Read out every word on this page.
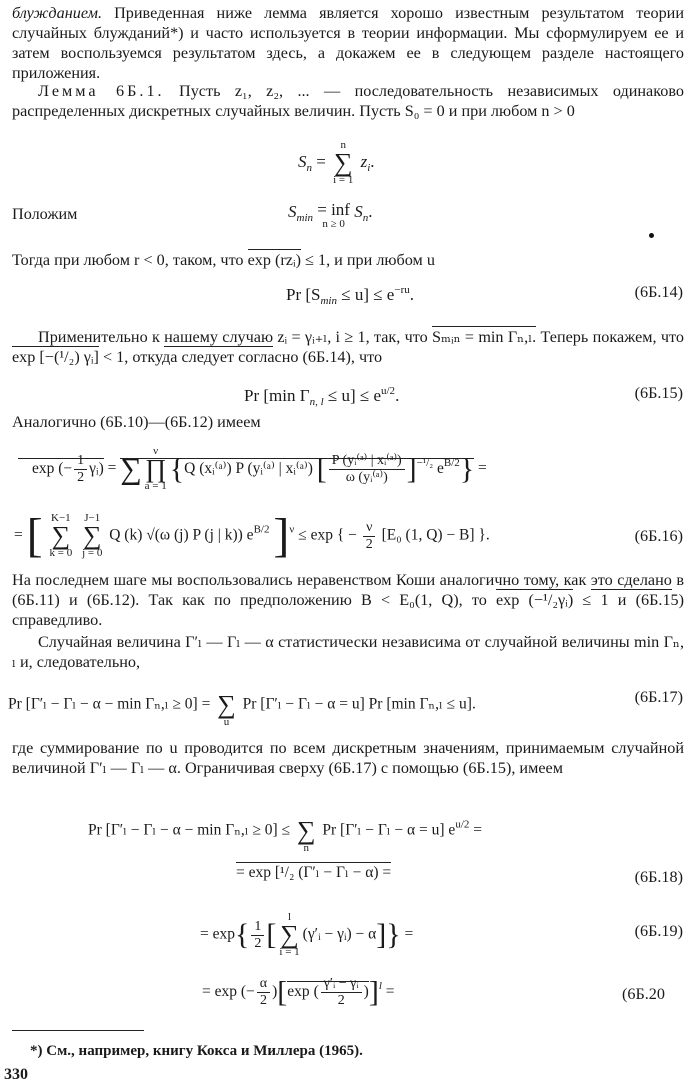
блужданием. Приведенная ниже лемма является хорошо известным результатом теории случайных блужданий*) и часто используется в теории информации. Мы сформулируем ее и затем воспользуемся результатом здесь, а докажем ее в следующем разделе настоящего приложения.

Лемма 6Б.1. Пусть z₁, z₂, ... — последовательность независимых одинаково распределенных дискретных случайных величин. Пусть S₀ = 0 и при любом n > 0

$S_n$ =
n
∑
i = 1
$z_i$.
Положим	$S_{min}$ = inf
n ≥ 0
$S_n$.

Тогда при любом r < 0, таком, что exp (rzᵢ) ≤ 1, и при любом u

Pr $[S_{min} \le u] \le e^{-ru}$.	(6Б.14)

Применительно к нашему случаю zᵢ = γᵢ₊ₗ, i ≥ 1, так, что Sₘᵢₙ = min Γₙ,ₗ. Теперь покажем, что exp [−(¹/₂) γᵢ] < 1, откуда следует согласно (6Б.14), что

Pr [min $\Gamma_{n, l} \le u] \le e^{u/2}$.	(6Б.15)

Аналогично (6Б.10)—(6Б.12) имеем

exp (− $\frac{1}{2}$ γᵢ) = ∑
ν
∏
a = 1
{Q (xᵢ⁽ᵃ⁾) P (yᵢ⁽ᵃ⁾ | xᵢ⁽ᵃ⁾) [ $\frac{\text{P (yᵢ⁽ᵃ⁾ | xᵢ⁽ᵃ⁾)}}{\text{ω (yᵢ⁽ᵃ⁾)}} ]^{-^1/_2}$ $e^{B/2}$} =
= [ K−1
∑
k = 0

J−1
∑
j = 0
Q (k) √(ω (j) P (j | k)) $e^{B/2}$ ]$^\nu$ ≤ exp { − $\frac{\nu}{2} [E_0$ (1, Q) − B] }.	(6Б.16)

На последнем шаге мы воспользовались неравенством Коши аналогично тому, как это сделано в (6Б.11) и (6Б.12). Так как по предположению B < E₀(1, Q), то exp (−¹/₂γᵢ) ≤ 1 и (6Б.15) справедливо.

Случайная величина Γ′ₗ — Γₗ — α статистически независима от случайной величины min Γₙ, ₗ и, следовательно,

Pr [Γ′ₗ − Γₗ − α − min Γₙ,ₗ ≥ 0] =
∑
u
Pr [Γ′ₗ − Γₗ − α = u] Pr [min Γₙ,ₗ ≤ u].	(6Б.17)

где суммирование по u проводится по всем дискретным значениям, принимаемым случайной величиной Γ′ₗ — Γₗ — α. Ограничивая сверху (6Б.17) с помощью (6Б.15), имеем

Pr [Γ′ₗ − Γₗ − α − min Γₙ,ₗ ≥ 0] ≤
∑
n
Pr [Γ′ₗ − Γₗ − α = u] $e^{u/2}$ =
= exp [¹/₂ (Γ′ₗ − Γₗ − α) =	(6Б.18)
= $\exp\{ \frac{1}{2}$ [
l
∑
i = 1
(γ′ᵢ − γᵢ) − α]} =	(6Б.19)
= exp (− $\frac{\alpha}{2} )[\exp$ ( $\frac{\text{γ′ᵢ − γᵢ}}{2} )]^l$ =	(6Б.20
*) См., например, книгу Кокса и Миллера (1965).
330
